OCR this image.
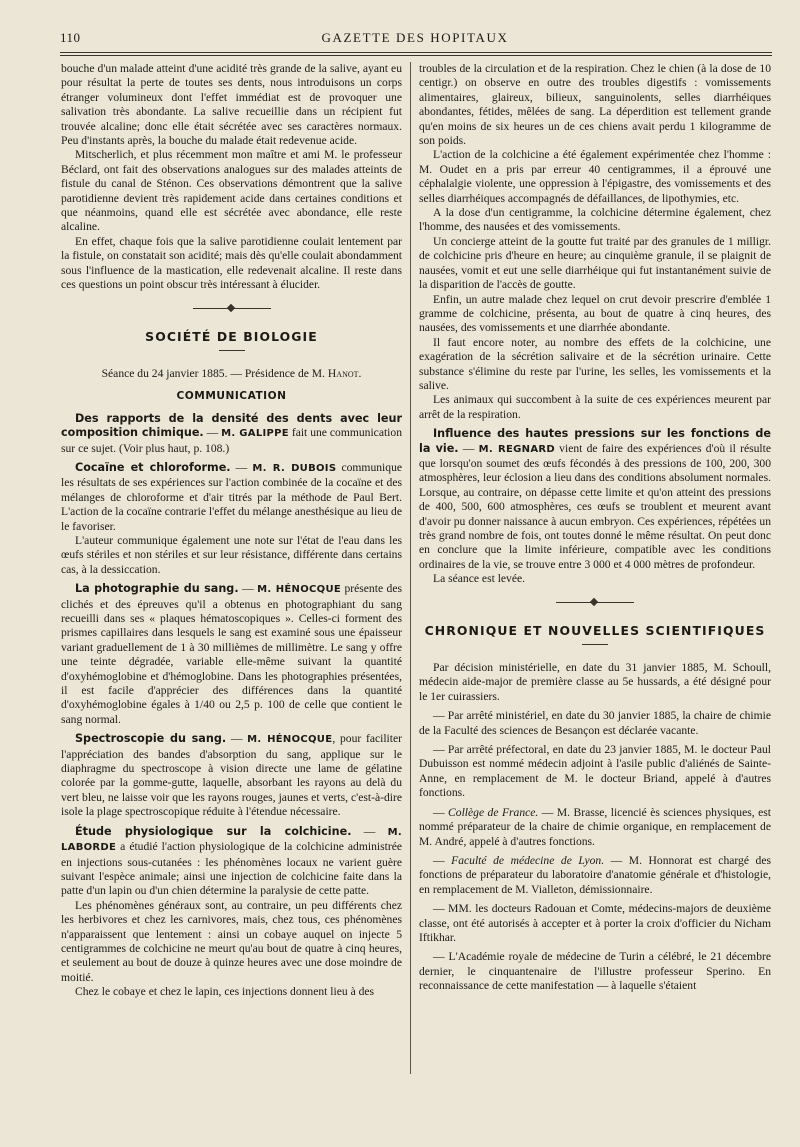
110	GAZETTE DES HOPITAUX

bouche d'un malade atteint d'une acidité très grande de la salive, ayant eu pour résultat la perte de toutes ses dents, nous introduisons un corps étranger volumineux dont l'effet immédiat est de provoquer une salivation très abondante. La salive recueillie dans un récipient fut trouvée alcaline; donc elle était sécrétée avec ses caractères normaux. Peu d'instants après, la bouche du malade était redevenue acide.

Mitscherlich, et plus récemment mon maître et ami M. le professeur Béclard, ont fait des observations analogues sur des malades atteints de fistule du canal de Sténon. Ces observations démontrent que la salive parotidienne devient très rapidement acide dans certaines conditions et que néanmoins, quand elle est sécrétée avec abondance, elle reste alcaline.

En effet, chaque fois que la salive parotidienne coulait lentement par la fistule, on constatait son acidité; mais dès qu'elle coulait abondamment sous l'influence de la mastication, elle redevenait alcaline. Il reste dans ces questions un point obscur très intéressant à élucider.

SOCIÉTÉ DE BIOLOGIE

Séance du 24 janvier 1885. — Présidence de M. Hanot.

COMMUNICATION

Des rapports de la densité des dents avec leur composition chimique. — M. GALIPPE fait une communication sur ce sujet. (Voir plus haut, p. 108.)

Cocaïne et chloroforme. — M. R. DUBOIS communique les résultats de ses expériences sur l'action combinée de la cocaïne et des mélanges de chloroforme et d'air titrés par la méthode de Paul Bert. L'action de la cocaïne contrarie l'effet du mélange anesthésique au lieu de le favoriser.

L'auteur communique également une note sur l'état de l'eau dans les œufs stériles et non stériles et sur leur résistance, différente dans certains cas, à la dessiccation.

La photographie du sang. — M. HÉNOCQUE présente des clichés et des épreuves qu'il a obtenus en photographiant du sang recueilli dans ses « plaques hématoscopiques ». Celles-ci forment des prismes capillaires dans lesquels le sang est examiné sous une épaisseur variant graduellement de 1 à 30 millièmes de millimètre. Le sang y offre une teinte dégradée, variable elle-même suivant la quantité d'oxyhémoglobine et d'hémoglobine. Dans les photographies présentées, il est facile d'apprécier des différences dans la quantité d'oxyhémoglobine égales à 1/40 ou 2,5 p. 100 de celle que contient le sang normal.

Spectroscopie du sang. — M. HÉNOCQUE, pour faciliter l'appréciation des bandes d'absorption du sang, applique sur le diaphragme du spectroscope à vision directe une lame de gélatine colorée par la gomme-gutte, laquelle, absorbant les rayons au delà du vert bleu, ne laisse voir que les rayons rouges, jaunes et verts, c'est-à-dire isole la plage spectroscopique réduite à l'étendue nécessaire.

Étude physiologique sur la colchicine. — M. LABORDE a étudié l'action physiologique de la colchicine administrée en injections sous-cutanées : les phénomènes locaux ne varient guère suivant l'espèce animale; ainsi une injection de colchicine faite dans la patte d'un lapin ou d'un chien détermine la paralysie de cette patte.

Les phénomènes généraux sont, au contraire, un peu différents chez les herbivores et chez les carnivores, mais, chez tous, ces phénomènes n'apparaissent que lentement : ainsi un cobaye auquel on injecte 5 centigrammes de colchicine ne meurt qu'au bout de quatre à cinq heures, et seulement au bout de douze à quinze heures avec une dose moindre de moitié.

Chez le cobaye et chez le lapin, ces injections donnent lieu à des

troubles de la circulation et de la respiration. Chez le chien (à la dose de 10 centigr.) on observe en outre des troubles digestifs : vomissements alimentaires, glaireux, bilieux, sanguinolents, selles diarrhéiques abondantes, fétides, mêlées de sang. La déperdition est tellement grande qu'en moins de six heures un de ces chiens avait perdu 1 kilogramme de son poids.

L'action de la colchicine a été également expérimentée chez l'homme : M. Oudet en a pris par erreur 40 centigrammes, il a éprouvé une céphalalgie violente, une oppression à l'épigastre, des vomissements et des selles diarrhéiques accompagnés de défaillances, de lipothymies, etc.

A la dose d'un centigramme, la colchicine détermine également, chez l'homme, des nausées et des vomissements.

Un concierge atteint de la goutte fut traité par des granules de 1 milligr. de colchicine pris d'heure en heure; au cinquième granule, il se plaignit de nausées, vomit et eut une selle diarrhéique qui fut instantanément suivie de la disparition de l'accès de goutte.

Enfin, un autre malade chez lequel on crut devoir prescrire d'emblée 1 gramme de colchicine, présenta, au bout de quatre à cinq heures, des nausées, des vomissements et une diarrhée abondante.

Il faut encore noter, au nombre des effets de la colchicine, une exagération de la sécrétion salivaire et de la sécrétion urinaire. Cette substance s'élimine du reste par l'urine, les selles, les vomissements et la salive.

Les animaux qui succombent à la suite de ces expériences meurent par arrêt de la respiration.

Influence des hautes pressions sur les fonctions de la vie. — M. REGNARD vient de faire des expériences d'où il résulte que lorsqu'on soumet des œufs fécondés à des pressions de 100, 200, 300 atmosphères, leur éclosion a lieu dans des conditions absolument normales. Lorsque, au contraire, on dépasse cette limite et qu'on atteint des pressions de 400, 500, 600 atmosphères, ces œufs se troublent et meurent avant d'avoir pu donner naissance à aucun embryon. Ces expériences, répétées un très grand nombre de fois, ont toutes donné le même résultat. On peut donc en conclure que la limite inférieure, compatible avec les conditions ordinaires de la vie, se trouve entre 3 000 et 4 000 mètres de profondeur.

La séance est levée.

CHRONIQUE ET NOUVELLES SCIENTIFIQUES

Par décision ministérielle, en date du 31 janvier 1885, M. Schoull, médecin aide-major de première classe au 5e hussards, a été désigné pour le 1er cuirassiers.

— Par arrêté ministériel, en date du 30 janvier 1885, la chaire de chimie de la Faculté des sciences de Besançon est déclarée vacante.

— Par arrêté préfectoral, en date du 23 janvier 1885, M. le docteur Paul Dubuisson est nommé médecin adjoint à l'asile public d'aliénés de Sainte-Anne, en remplacement de M. le docteur Briand, appelé à d'autres fonctions.

— Collège de France. — M. Brasse, licencié ès sciences physiques, est nommé préparateur de la chaire de chimie organique, en remplacement de M. André, appelé à d'autres fonctions.

— Faculté de médecine de Lyon. — M. Honnorat est chargé des fonctions de préparateur du laboratoire d'anatomie générale et d'histologie, en remplacement de M. Vialleton, démissionnaire.

— MM. les docteurs Radouan et Comte, médecins-majors de deuxième classe, ont été autorisés à accepter et à porter la croix d'officier du Nicham Iftikhar.

— L'Académie royale de médecine de Turin a célébré, le 21 décembre dernier, le cinquantenaire de l'illustre professeur Sperino. En reconnaissance de cette manifestation — à laquelle s'étaient
